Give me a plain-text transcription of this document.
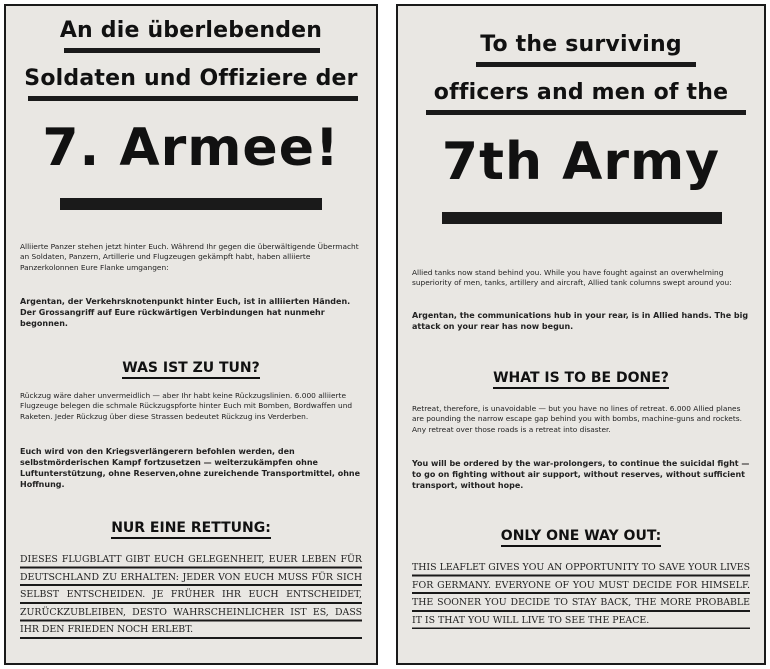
An die überlebenden
Soldaten und Offiziere der
7. Armee!
Alliierte Panzer stehen jetzt hinter Euch. Während Ihr gegen die überwältigende Übermacht an Soldaten, Panzern, Artillerie und Flugzeugen gekämpft habt, haben alliierte Panzerkolonnen Eure Flanke umgangen:
Argentan, der Verkehrsknotenpunkt hinter Euch, ist in alliierten Händen. Der Grossangriff auf Eure rückwärtigen Verbindungen hat nunmehr begonnen.
WAS IST ZU TUN?
Rückzug wäre daher unvermeidlich — aber Ihr habt keine Rückzugslinien. 6.000 alliierte Flugzeuge belegen die schmale Rückzugspforte hinter Euch mit Bomben, Bordwaffen und Raketen. Jeder Rückzug über diese Strassen bedeutet Rückzug ins Verderben.
Euch wird von den Kriegsverlängerern befohlen werden, den selbstmörderischen Kampf fortzusetzen — weiterzukämpfen ohne Luftunterstützung, ohne Reserven,ohne zureichende Transportmittel, ohne Hoffnung.
NUR EINE RETTUNG:
DIESES FLUGBLATT GIBT EUCH GELEGENHEIT, EUER LEBEN FÜR DEUTSCHLAND ZU ERHALTEN: JEDER VON EUCH MUSS FÜR SICH SELBST ENTSCHEIDEN. JE FRÜHER IHR EUCH ENTSCHEIDET, ZURÜCKZUBLEIBEN, DESTO WAHRSCHEINLICHER IST ES, DASS IHR DEN FRIEDEN NOCH ERLEBT.
To the surviving
officers and men of the
7th Army
Allied tanks now stand behind you. While you have fought against an overwhelming superiority of men, tanks, artillery and aircraft, Allied tank columns swept around you:
Argentan, the communications hub in your rear, is in Allied hands. The big attack on your rear has now begun.
WHAT IS TO BE DONE?
Retreat, therefore, is unavoidable — but you have no lines of retreat. 6.000 Allied planes are pounding the narrow escape gap behind you with bombs, machine-guns and rockets. Any retreat over those roads is a retreat into disaster.
You will be ordered by the war-prolongers, to continue the suicidal fight — to go on fighting without air support, without reserves, without sufficient transport, without hope.
ONLY ONE WAY OUT:
THIS LEAFLET GIVES YOU AN OPPORTUNITY TO SAVE YOUR LIVES FOR GERMANY. EVERYONE OF YOU MUST DECIDE FOR HIMSELF. THE SOONER YOU DECIDE TO STAY BACK, THE MORE PROBABLE IT IS THAT YOU WILL LIVE TO SEE THE PEACE.
